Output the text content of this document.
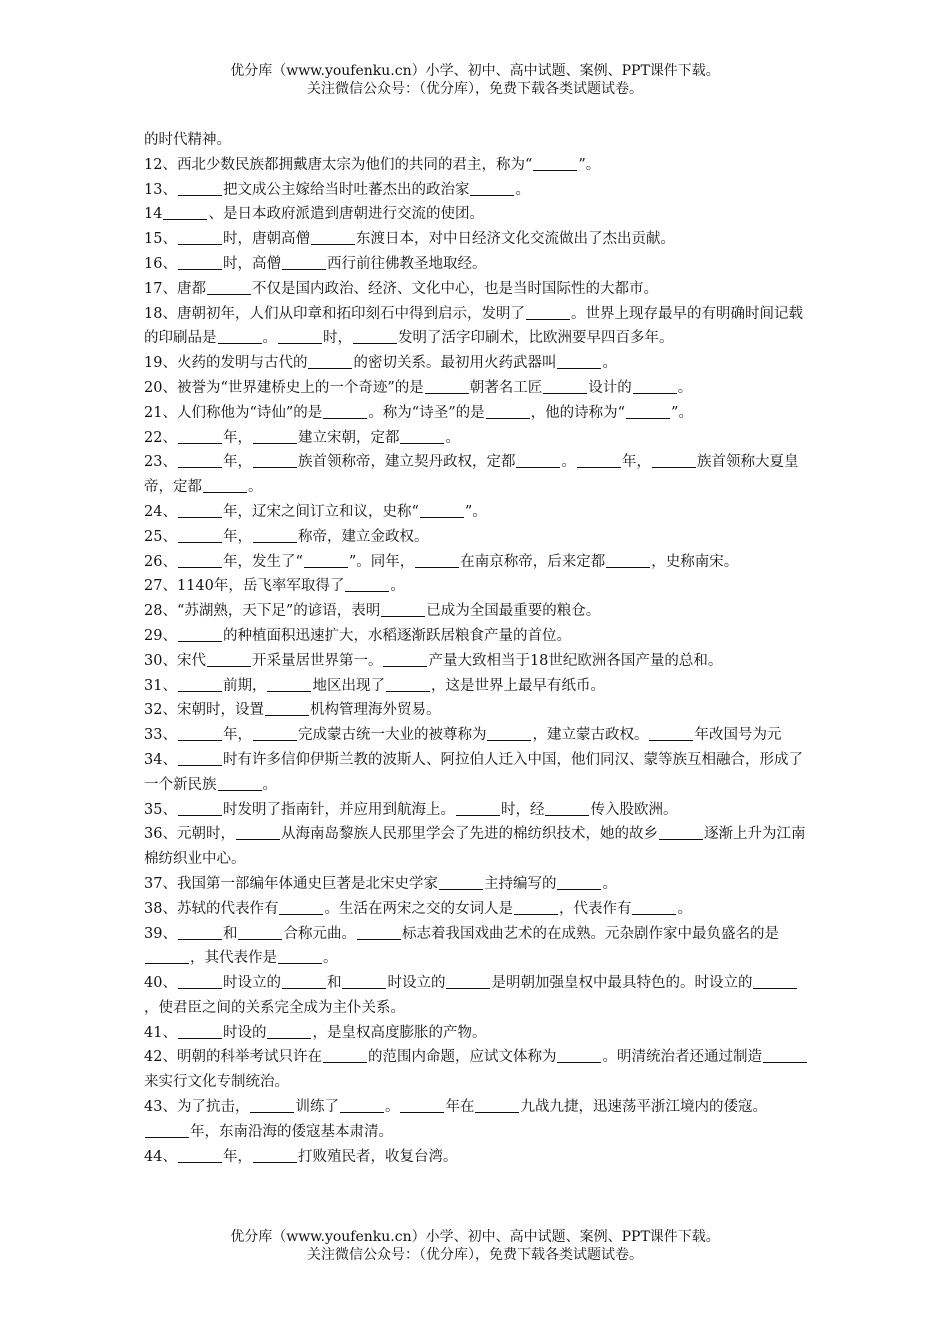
优分库（www.youfenku.cn）小学、初中、高中试题、案例、PPT课件下载。
关注微信公众号：（优分库），免费下载各类试题试卷。

的时代精神。

12、西北少数民族都拥戴唐太宗为他们的共同的君主，称为“	”。

13、	把文成公主嫁给当时吐蕃杰出的政治家	。

14	、是日本政府派遣到唐朝进行交流的使团。

15、	时，唐朝高僧	东渡日本，对中日经济文化交流做出了杰出贡献。

16、	时，高僧	西行前往佛教圣地取经。

17、唐都	不仅是国内政治、经济、文化中心，也是当时国际性的大都市。

18、唐朝初年，人们从印章和拓印刻石中得到启示，发明了	。世界上现存最早的有明确时间记载的印刷品是	。	时，	发明了活字印刷术，比欧洲要早四百多年。

19、火药的发明与古代的	的密切关系。最初用火药武器叫	。

20、被誉为“世界建桥史上的一个奇迹”的是	朝著名工匠	设计的	。

21、人们称他为“诗仙”的是	。称为“诗圣”的是	，他的诗称为“	”。

22、	年，	建立宋朝，定都	。

23、	年，	族首领称帝，建立契丹政权，定都	。	年，	族首领称大夏皇帝，定都	。

24、	年，辽宋之间订立和议，史称“	”。

25、	年，	称帝，建立金政权。

26、	年，发生了“	”。同年，	在南京称帝，后来定都	，史称南宋。

27、1140年，岳飞率军取得了	。

28、“苏湖熟，天下足”的谚语，表明	已成为全国最重要的粮仓。

29、	的种植面积迅速扩大，水稻逐渐跃居粮食产量的首位。

30、宋代	开采量居世界第一。	产量大致相当于18世纪欧洲各国产量的总和。

31、	前期，	地区出现了	，这是世界上最早有纸币。

32、宋朝时，设置	机构管理海外贸易。

33、	年，	完成蒙古统一大业的被尊称为	，建立蒙古政权。	年改国号为元

34、	时有许多信仰伊斯兰教的波斯人、阿拉伯人迁入中国，他们同汉、蒙等族互相融合，形成了一个新民族	。

35、	时发明了指南针，并应用到航海上。	时，经	传入股欧洲。

36、元朝时，	从海南岛黎族人民那里学会了先进的棉纺织技术，她的故乡	逐渐上升为江南棉纺织业中心。

37、我国第一部编年体通史巨著是北宋史学家	主持编写的	。

38、苏轼的代表作有	。生活在两宋之交的女词人是	，代表作有	。

39、	和	合称元曲。	标志着我国戏曲艺术的在成熟。元杂剧作家中最负盛名的是，其代表作是	。

40、	时设立的	和	时设立的	是明朝加强皇权中最具特色的。时设立的，使君臣之间的关系完全成为主仆关系。

41、	时设的	，是皇权高度膨胀的产物。

42、明朝的科举考试只许在	的范围内命题，应试文体称为	。明清统治者还通过制造来实行文化专制统治。

43、为了抗击，	训练了	。	年在	九战九捷，迅速荡平浙江境内的倭寇。年，东南沿海的倭寇基本肃清。

44、	年，	打败殖民者，收复台湾。

优分库（www.youfenku.cn）小学、初中、高中试题、案例、PPT课件下载。
关注微信公众号：（优分库），免费下载各类试题试卷。
